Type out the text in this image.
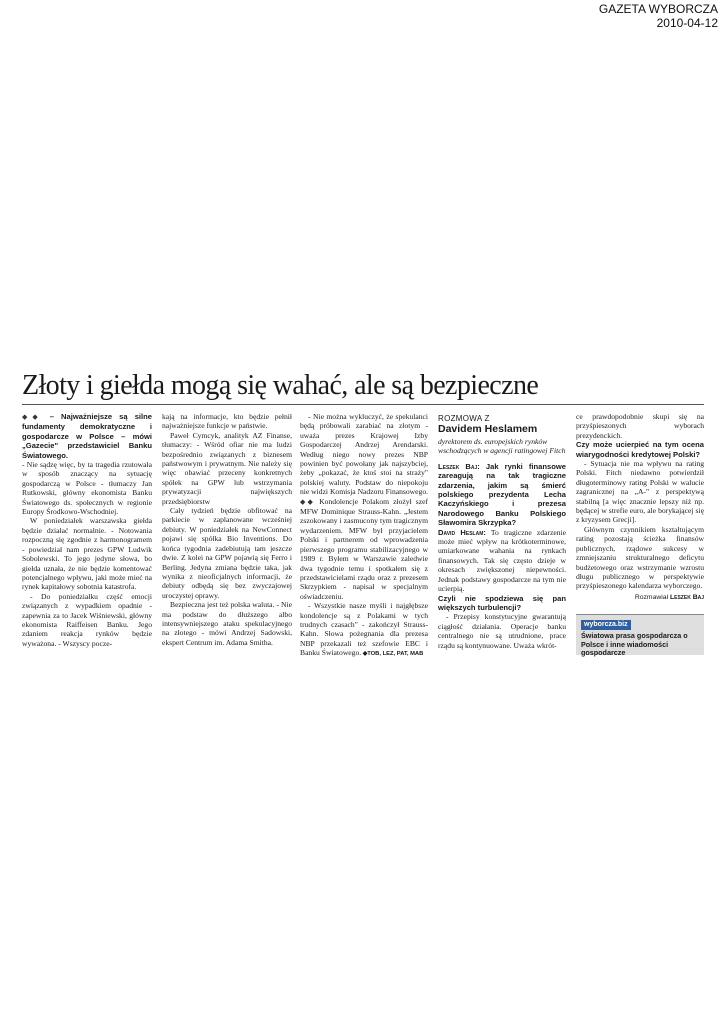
GAZETA WYBORCZA
2010-04-12
Złoty i giełda mogą się wahać, ale są bezpieczne

◆◆ – Najważniejsze są silne fundamenty demokratyczne i gospodarcze w Polsce – mówi „Gazecie" przedstawiciel Banku Światowego.

- Nie sądzę więc, by ta tragedia rzutowała w sposób znaczący na sytuację gospodarczą w Polsce - tłumaczy Jan Rutkowski, główny ekonomista Banku Światowego ds. społecznych w regionie Europy Środkowo-Wschodniej.

W poniedziałek warszawska giełda będzie działać normalnie. - Notowania rozpoczną się zgodnie z harmonogramem - powiedział nam prezes GPW Ludwik Sobolewski. To jego jedyne słowa, bo giełda uznała, że nie będzie komentować potencjalnego wpływu, jaki może mieć na rynek kapitałowy sobotnia katastrofa.

- Do poniedziałku część emocji związanych z wypadkiem opadnie - zapewnia za to Jacek Wiśniewski, główny ekonomista Raiffeisen Banku. Jego zdaniem reakcja rynków będzie wyważona. - Wszyscy pocze-

kają na informacje, kto będzie pełnił najważniejsze funkcje w państwie.

Paweł Cymcyk, analityk AZ Finanse, tłumaczy: - Wśród ofiar nie ma ludzi bezpośrednio związanych z biznesem państwowym i prywatnym. Nie należy się więc obawiać przeceny konkretnych spółek na GPW lub wstrzymania prywatyzacji największych przedsiębiorstw

Cały tydzień będzie obfitować na parkiecie w zaplanowane wcześniej debiuty. W poniedziałek na NewConnect pojawi się spółka Bio Inventions. Do końca tygodnia zadebiutują tam jeszcze dwie. Z kolei na GPW pojawią się Ferro i Berling. Jedyna zmiana będzie taka, jak wynika z nieoficjalnych informacji, że debiuty odbędą się bez zwyczajowej uroczystej oprawy.

Bezpieczna jest też polska waluta. - Nie ma podstaw do dłuższego albo intensywniejszego ataku spekulacyjnego na złotego - mówi Andrzej Sadowski, ekspert Centrum im. Adama Smitha.

- Nie można wykluczyć, że spekulanci będą próbowali zarabiać na złotym - uważa prezes Krajowej Izby Gospodarczej Andrzej Arendarski. Według niego nowy prezes NBP powinien być powołany jak najszybciej, żeby „pokazać, że ktoś stoi na straży" polskiej waluty. Podstaw do niepokoju nie widzi Komisja Nadzoru Finansowego.

◆◆ Kondolencje Polakom złożył szef MFW Dominique Strauss-Kahn. „Jestem zszokowany i zasmucony tym tragicznym wydarzeniem. MFW był przyjacielem Polski i partnerem od wprowadzenia pierwszego programu stabilizacyjnego w 1989 r. Byłem w Warszawie zaledwie dwa tygodnie temu i spotkałem się z przedstawicielami rządu oraz z prezesem Skrzypkiem - napisał w specjalnym oświadczeniu.

- Wszystkie nasze myśli i najgłębsze kondolencje są z Polakami w tych trudnych czasach" - zakończył Strauss-Kahn. Słowa pożegnania dla prezesa NBP przekazali też szefowie EBC i Banku Światowego. ◆TOB, LEZ, PAT, MAB

ROZMOWA Z
Davidem Heslamem
dyrektorem ds. europejskich rynków wschodzących w agencji ratingowej Fitch

Leszek Baj: Jak rynki finansowe zareagują na tak tragiczne zdarzenia, jakim są śmierć polskiego prezydenta Lecha Kaczyńskiego i prezesa Narodowego Banku Polskiego Sławomira Skrzypka?

David Heslam: To tragiczne zdarzenie może mieć wpływ na krótkoterminowe, umiarkowane wahania na rynkach finansowych. Tak się często dzieje w okresach zwiększonej niepewności. Jednak podstawy gospodarcze na tym nie ucierpią.

Czyli nie spodziewa się pan większych turbulencji?

- Przepisy konstytucyjne gwarantują ciągłość działania. Operacje banku centralnego nie są utrudnione, prace rządu są kontynuowane. Uważa wkrót-

ce prawdopodobnie skupi się na przyśpieszonych wyborach prezydenckich.

Czy może ucierpieć na tym ocena wiarygodności kredytowej Polski?

- Sytuacja nie ma wpływu na rating Polski. Fitch niedawno potwierdził długoterminowy rating Polski w walucie zagranicznej na „A-" z perspektywą stabilną [a więc znacznie lepszy niż np. będącej w strefie euro, ale borykającej się z kryzysem Grecji].

Głównym czynnikiem kształtującym rating pozostają ścieżka finansów publicznych, rządowe sukcesy w zmniejszaniu strukturalnego deficytu budżetowego oraz wstrzymanie wzrostu długu publicznego w perspektywie przyśpieszonego kalendarza wyborczego.

Rozmawiał Leszek Baj
wyborcza.biz
Światowa prasa gospodarcza o Polsce i inne wiadomości gospodarcze
